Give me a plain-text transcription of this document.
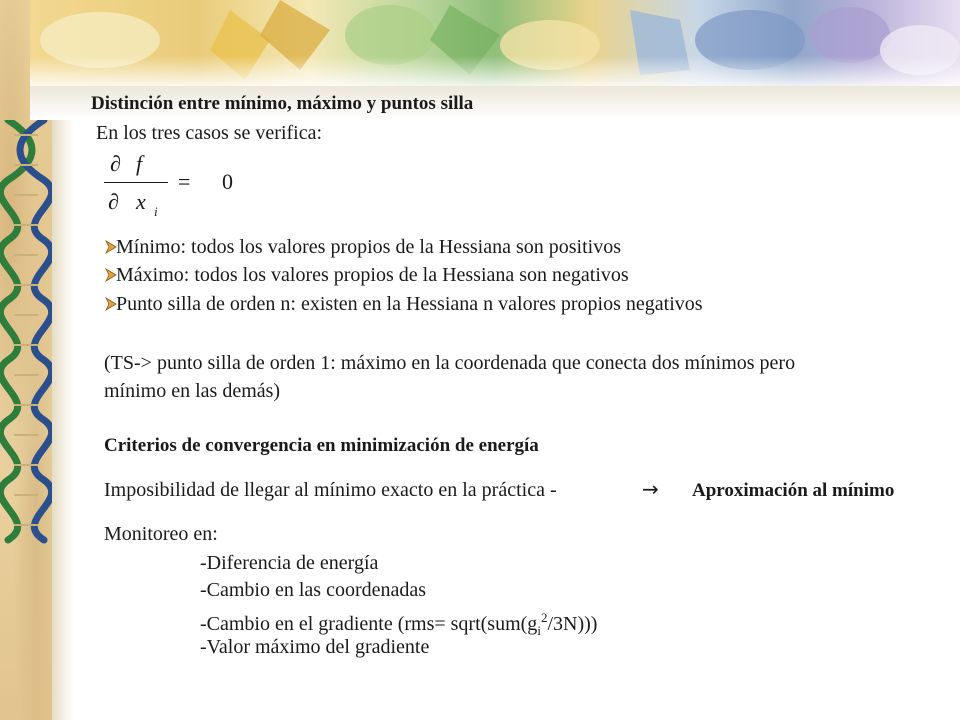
Distinción entre mínimo, máximo y puntos silla
En los tres casos se verifica:
∂ f
∂ x i
= 0
Mínimo: todos los valores propios de la Hessiana son positivos
Máximo: todos los valores propios de la Hessiana son negativos
Punto silla de orden n: existen en la Hessiana n valores propios negativos
(TS-> punto silla de orden 1: máximo en la coordenada que conecta dos mínimos pero
mínimo en las demás)
Criterios de convergencia en minimización de energía
Imposibilidad de llegar al mínimo exacto en la práctica -	→ Aproximación al mínimo
Monitoreo en:
-Diferencia de energía
-Cambio en las coordenadas
-Cambio en el gradiente $(rms= sqrt(sum(g_i^2/3N)))$
-Valor máximo del gradiente
